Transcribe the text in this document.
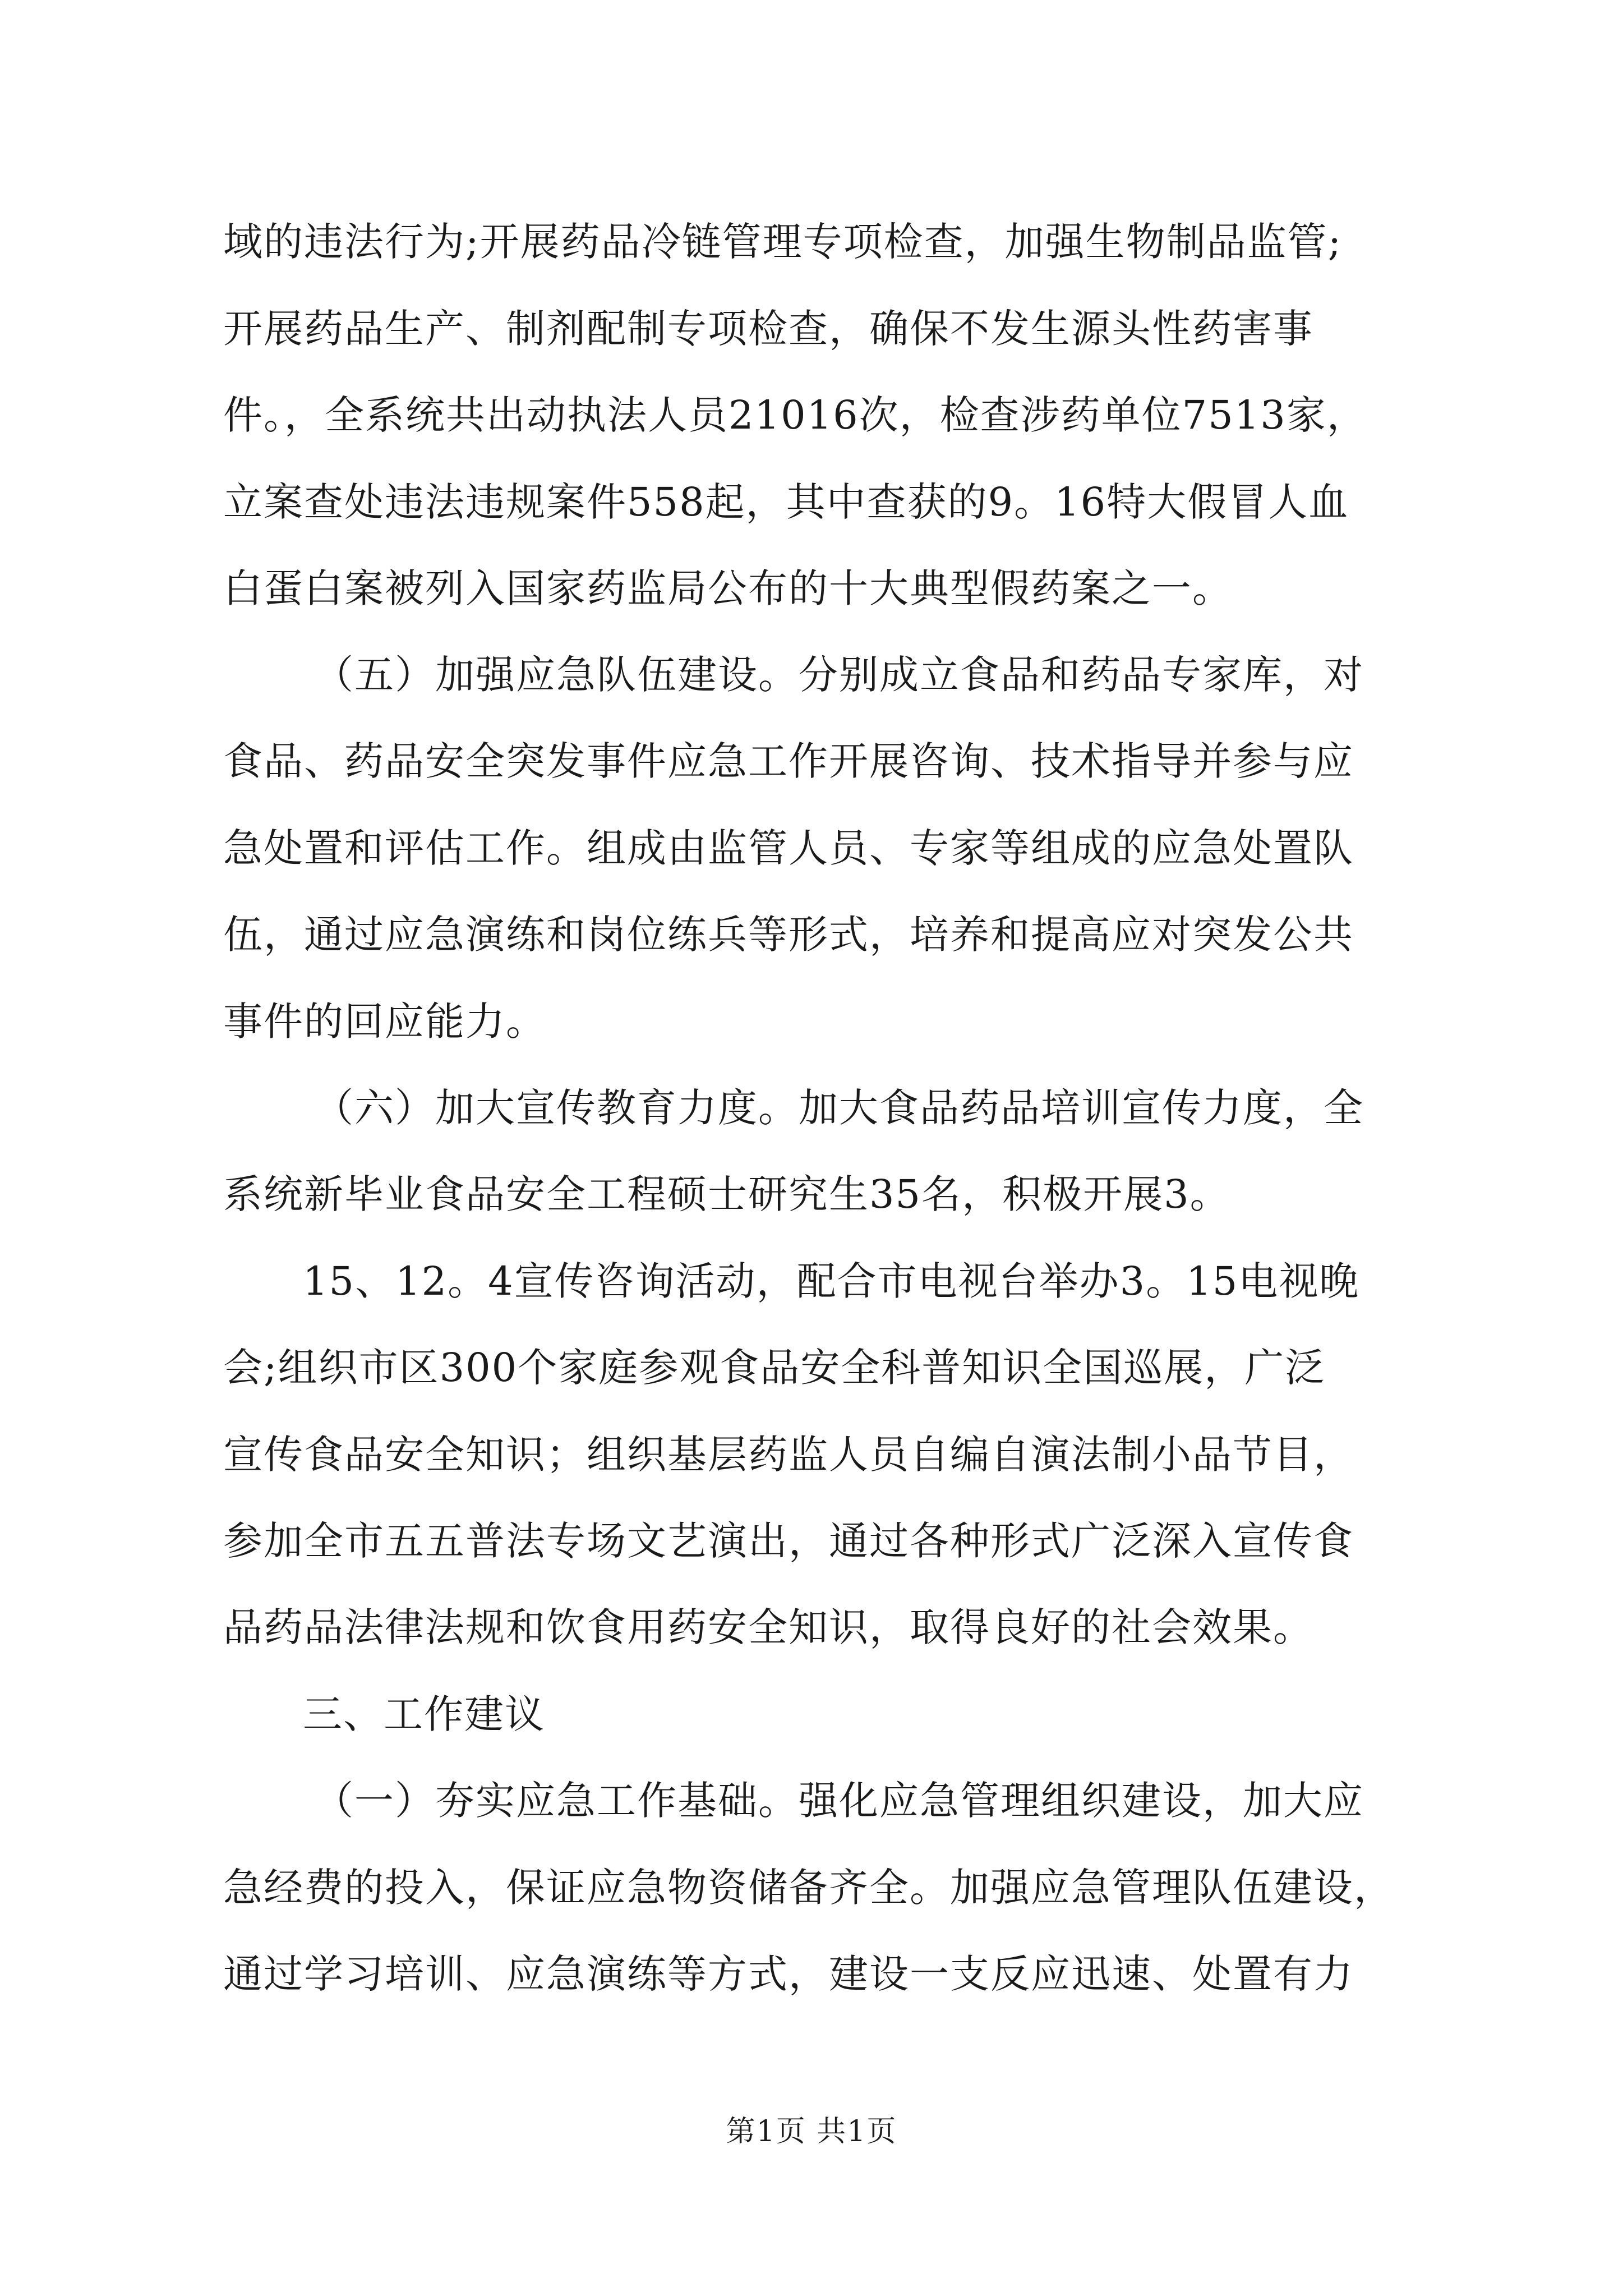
域的违法行为;开展药品冷链管理专项检查，加强生物制品监管;
开展药品生产、制剂配制专项检查，确保不发生源头性药害事
件。，全系统共出动执法人员21016次，检查涉药单位7513家，
立案查处违法违规案件558起，其中查获的9。16特大假冒人血
白蛋白案被列入国家药监局公布的十大典型假药案之一。
（五）加强应急队伍建设。分别成立食品和药品专家库，对
食品、药品安全突发事件应急工作开展咨询、技术指导并参与应
急处置和评估工作。组成由监管人员、专家等组成的应急处置队
伍，通过应急演练和岗位练兵等形式，培养和提高应对突发公共
事件的回应能力。
（六）加大宣传教育力度。加大食品药品培训宣传力度，全
系统新毕业食品安全工程硕士研究生35名，积极开展3。
15、12。4宣传咨询活动，配合市电视台举办3。15电视晚
会;组织市区300个家庭参观食品安全科普知识全国巡展，广泛
宣传食品安全知识；组织基层药监人员自编自演法制小品节目，
参加全市五五普法专场文艺演出，通过各种形式广泛深入宣传食
品药品法律法规和饮食用药安全知识，取得良好的社会效果。
三、工作建议
（一）夯实应急工作基础。强化应急管理组织建设，加大应
急经费的投入，保证应急物资储备齐全。加强应急管理队伍建设，
通过学习培训、应急演练等方式，建设一支反应迅速、处置有力
第1页 共1页
